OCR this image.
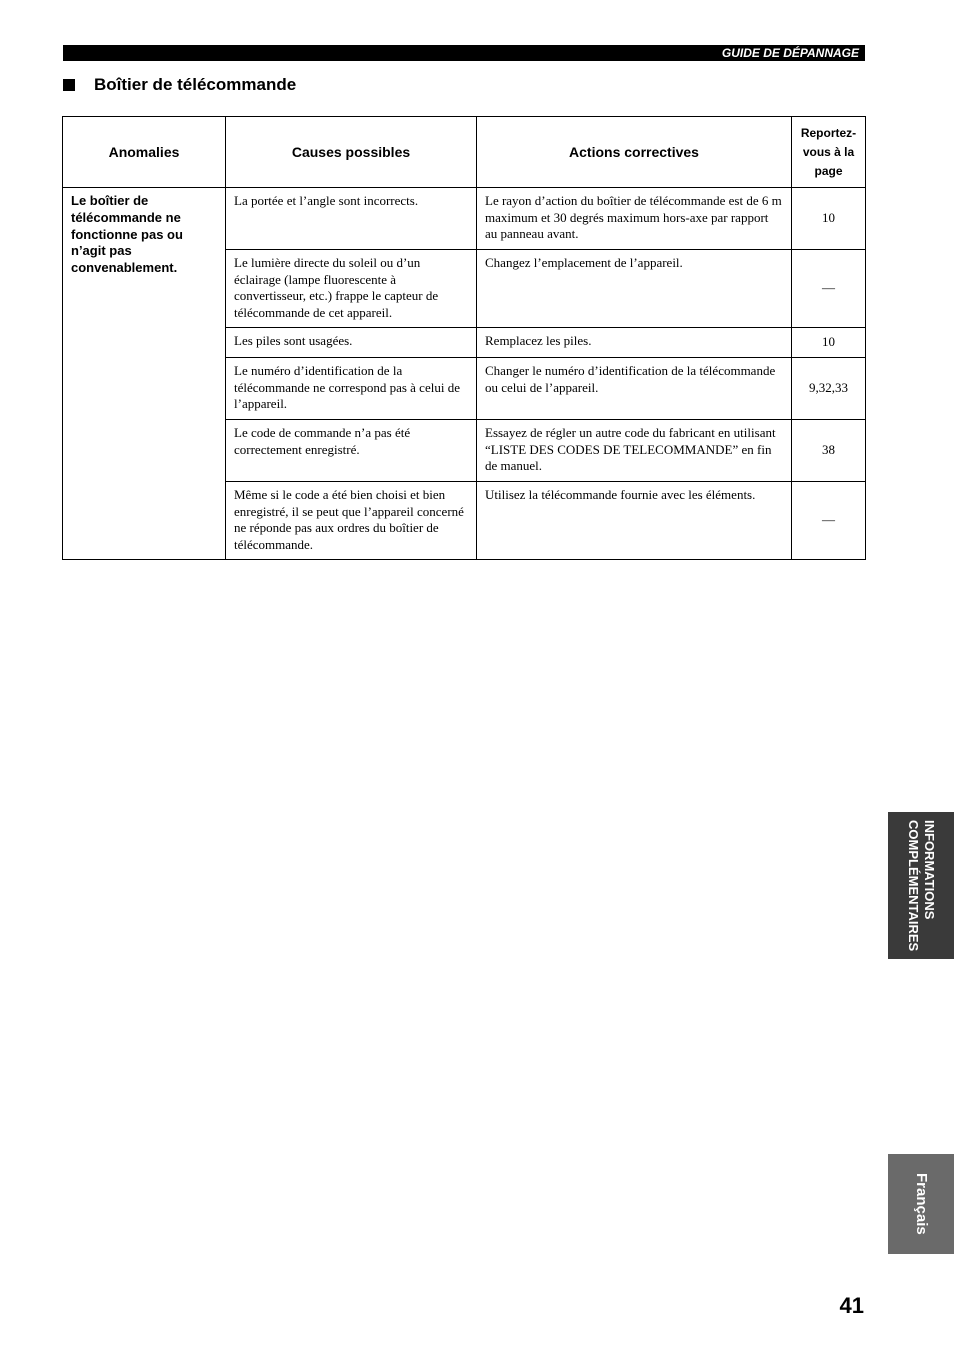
GUIDE DE DÉPANNAGE
Boîtier de télécommande
Anomalies	Causes possibles	Actions correctives	Reportez-vous à la page
Le boîtier de télécommande ne fonctionne pas ou n’agit pas convenablement.	La portée et l’angle sont incorrects.	Le rayon d’action du boîtier de télécommande est de 6 m maximum et 30 degrés maximum hors-axe par rapport au panneau avant.	10
	Le lumière directe du soleil ou d’un éclairage (lampe fluorescente à convertisseur, etc.) frappe le capteur de télécommande de cet appareil.	Changez l’emplacement de l’appareil.	—
	Les piles sont usagées.	Remplacez les piles.	10
	Le numéro d’identification de la télécommande ne correspond pas à celui de l’appareil.	Changer le numéro d’identification de la télécommande ou celui de l’appareil.	9,32,33
	Le code de commande n’a pas été correctement enregistré.	Essayez de régler un autre code du fabricant en utilisant “LISTE DES CODES DE TELECOMMANDE” en fin de manuel.	38
	Même si le code a été bien choisi et bien enregistré, il se peut que l’appareil concerné ne réponde pas aux ordres du boîtier de télécommande.	Utilisez la télécommande fournie avec les éléments.	—
INFORMATIONS
COMPLÉMENTAIRES
Français
41
